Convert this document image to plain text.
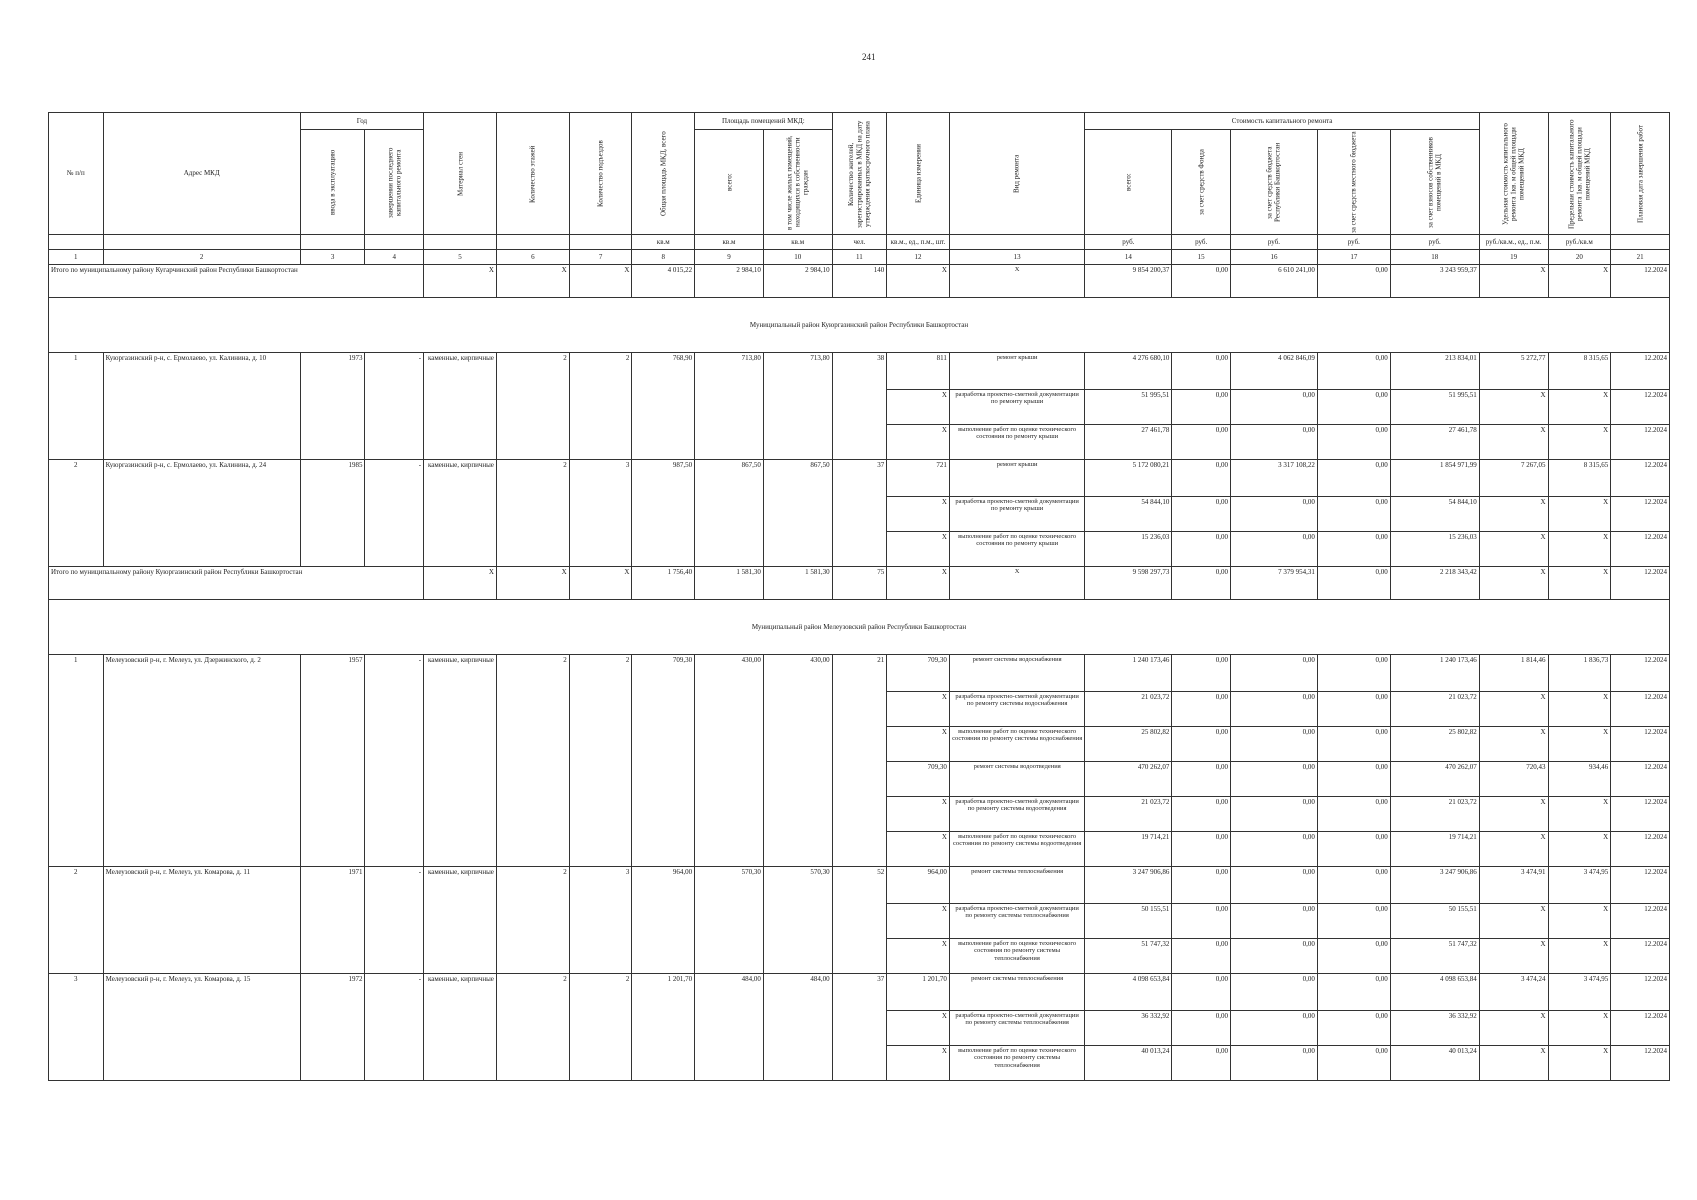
241
№ п/п	Адрес МКД	Год		Материал стен	Количество этажей	Количество подъездов	Общая площадь МКД, всего	Площадь помещений МКД:		Количество жителей, зарегистрированных в МКД на дату утверждения краткосрочного плана	Единица измерения	Вид ремонта	Стоимость капитального ремонта					Удельная стоимость капитального ремонта 1кв. м общей площади помещений МКД	Предельная стоимость капитального ремонта 1кв. м общей площади помещений МКД	Плановая дата завершения работ
		ввода в эксплуатацию	завершения последнего капитального ремонта					всего:	в том числе жилых помещений, находящихся в собственности граждан				всего:	за счет средств Фонда	за счет средств бюджета Республики Башкортостан	за счет средств местного бюджета	за счет взносов собственников помещений в МКД			
							кв.м	кв.м	кв.м	чел.	кв.м., ед., п.м., шт.		руб.	руб.	руб.	руб.	руб.	руб./кв.м., ед., п.м.	руб./кв.м	
1	2	3	4	5	6	7	8	9	10	11	12	13	14	15	16	17	18	19	20	21
Итого по муниципальному району Кугарчинский район Республики Башкортостан				X	X	X	4 015,22	2 984,10	2 984,10	140	X	X	9 854 200,37	0,00	6 610 241,00	0,00	3 243 959,37	X	X	12.2024
Муниципальный район Куюргазинский район Республики Башкортостан																				
1	Куюргазинский р-н, с. Ермолаево, ул. Калинина, д. 10	1973	-	каменные, кирпичные	2	2	768,90	713,80	713,80	38	811	ремонт крыши	4 276 680,10	0,00	4 062 846,09	0,00	213 834,01	5 272,77	8 315,65	12.2024
											X	разработка проектно-сметной документации по ремонту крыши	51 995,51	0,00	0,00	0,00	51 995,51	X	X	12.2024
											X	выполнение работ по оценке технического состояния по ремонту крыши	27 461,78	0,00	0,00	0,00	27 461,78	X	X	12.2024
2	Куюргазинский р-н, с. Ермолаево, ул. Калинина, д. 24	1985	-	каменные, кирпичные	2	3	987,50	867,50	867,50	37	721	ремонт крыши	5 172 080,21	0,00	3 317 108,22	0,00	1 854 971,99	7 267,05	8 315,65	12.2024
											X	разработка проектно-сметной документации по ремонту крыши	54 844,10	0,00	0,00	0,00	54 844,10	X	X	12.2024
											X	выполнение работ по оценке технического состояния по ремонту крыши	15 236,03	0,00	0,00	0,00	15 236,03	X	X	12.2024
Итого по муниципальному району Куюргазинский район Республики Башкортостан				X	X	X	1 756,40	1 581,30	1 581,30	75	X	X	9 598 297,73	0,00	7 379 954,31	0,00	2 218 343,42	X	X	12.2024
Муниципальный район Мелеузовский район Республики Башкортостан																				
1	Мелеузовский р-н, г. Мелеуз, ул. Дзержинского, д. 2	1957	-	каменные, кирпичные	2	2	709,30	430,00	430,00	21	709,30	ремонт системы водоснабжения	1 240 173,46	0,00	0,00	0,00	1 240 173,46	1 814,46	1 836,73	12.2024
											X	разработка проектно-сметной документации по ремонту системы водоснабжения	21 023,72	0,00	0,00	0,00	21 023,72	X	X	12.2024
											X	выполнение работ по оценке технического состояния по ремонту системы водоснабжения	25 802,82	0,00	0,00	0,00	25 802,82	X	X	12.2024
											709,30	ремонт системы водоотведения	470 262,07	0,00	0,00	0,00	470 262,07	720,43	934,46	12.2024
											X	разработка проектно-сметной документации по ремонту системы водоотведения	21 023,72	0,00	0,00	0,00	21 023,72	X	X	12.2024
											X	выполнение работ по оценке технического состояния по ремонту системы водоотведения	19 714,21	0,00	0,00	0,00	19 714,21	X	X	12.2024
2	Мелеузовский р-н, г. Мелеуз, ул. Комарова, д. 11	1971	-	каменные, кирпичные	2	3	964,00	570,30	570,30	52	964,00	ремонт системы теплоснабжения	3 247 906,86	0,00	0,00	0,00	3 247 906,86	3 474,91	3 474,95	12.2024
											X	разработка проектно-сметной документации по ремонту системы теплоснабжения	50 155,51	0,00	0,00	0,00	50 155,51	X	X	12.2024
											X	выполнение работ по оценке технического состояния по ремонту системы теплоснабжения	51 747,32	0,00	0,00	0,00	51 747,32	X	X	12.2024
3	Мелеузовский р-н, г. Мелеуз, ул. Комарова, д. 15	1972	-	каменные, кирпичные	2	2	1 201,70	484,00	484,00	37	1 201,70	ремонт системы теплоснабжения	4 098 653,84	0,00	0,00	0,00	4 098 653,84	3 474,24	3 474,95	12.2024
											X	разработка проектно-сметной документации по ремонту системы теплоснабжения	36 332,92	0,00	0,00	0,00	36 332,92	X	X	12.2024
											X	выполнение работ по оценке технического состояния по ремонту системы теплоснабжения	40 013,24	0,00	0,00	0,00	40 013,24	X	X	12.2024
